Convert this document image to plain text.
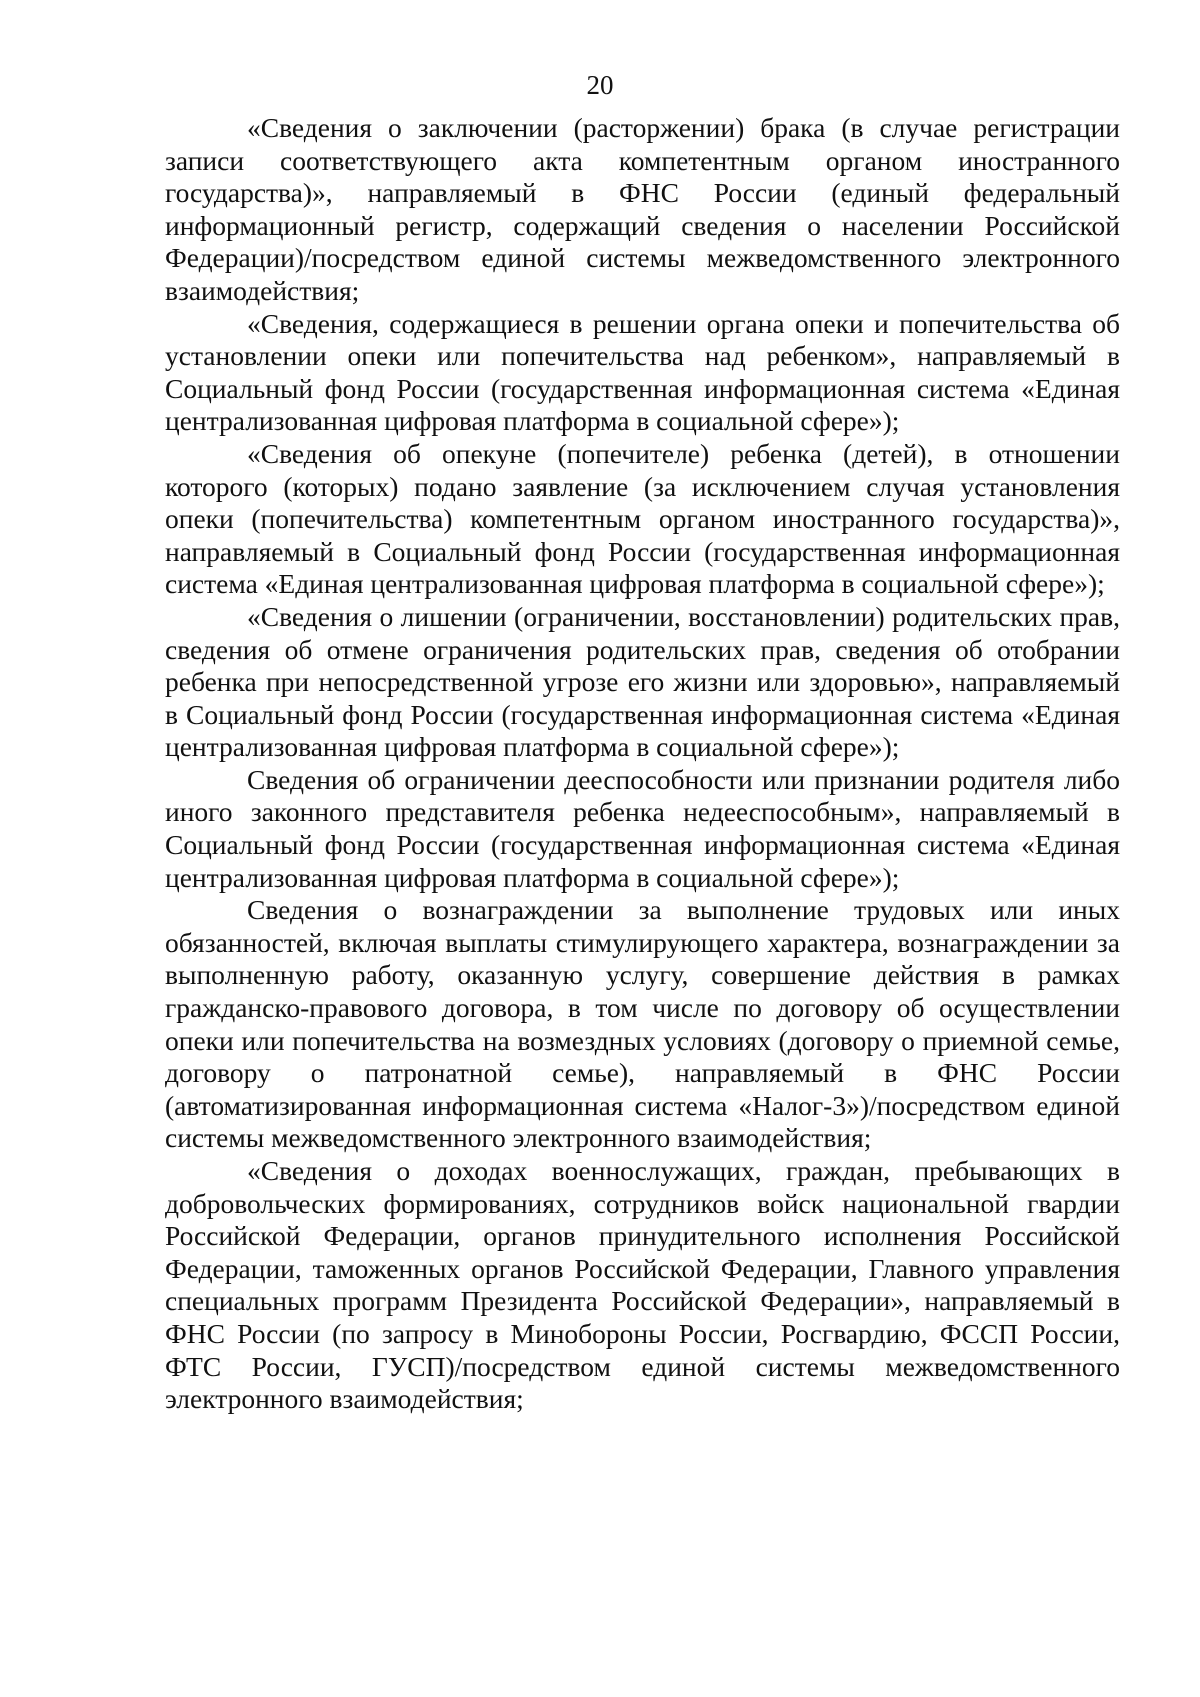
20

«Сведения о заключении (расторжении) брака (в случае регистрации записи соответствующего акта компетентным органом иностранного государства)», направляемый в ФНС России (единый федеральный информационный регистр, содержащий сведения о населении Российской Федерации)/посредством единой системы межведомственного электронного взаимодействия;

«Сведения, содержащиеся в решении органа опеки и попечительства об установлении опеки или попечительства над ребенком», направляемый в Социальный фонд России (государственная информационная система «Единая централизованная цифровая платформа в социальной сфере»);

«Сведения об опекуне (попечителе) ребенка (детей), в отношении которого (которых) подано заявление (за исключением случая установления опеки (попечительства) компетентным органом иностранного государства)», направляемый в Социальный фонд России (государственная информационная система «Единая централизованная цифровая платформа в социальной сфере»);

«Сведения о лишении (ограничении, восстановлении) родительских прав, сведения об отмене ограничения родительских прав, сведения об отобрании ребенка при непосредственной угрозе его жизни или здоровью», направляемый в Социальный фонд России (государственная информационная система «Единая централизованная цифровая платформа в социальной сфере»);

Сведения об ограничении дееспособности или признании родителя либо иного законного представителя ребенка недееспособным», направляемый в Социальный фонд России (государственная информационная система «Единая централизованная цифровая платформа в социальной сфере»);

Сведения о вознаграждении за выполнение трудовых или иных обязанностей, включая выплаты стимулирующего характера, вознаграждении за выполненную работу, оказанную услугу, совершение действия в рамках гражданско-правового договора, в том числе по договору об осуществлении опеки или попечительства на возмездных условиях (договору о приемной семье, договору о патронатной семье), направляемый в ФНС России (автоматизированная информационная система «Налог-3»)/посредством единой системы межведомственного электронного взаимодействия;

«Сведения о доходах военнослужащих, граждан, пребывающих в добровольческих формированиях, сотрудников войск национальной гвардии Российской Федерации, органов принудительного исполнения Российской Федерации, таможенных органов Российской Федерации, Главного управления специальных программ Президента Российской Федерации», направляемый в ФНС России (по запросу в Минобороны России, Росгвардию, ФССП России, ФТС России, ГУСП)/посредством единой системы межведомственного электронного взаимодействия;
